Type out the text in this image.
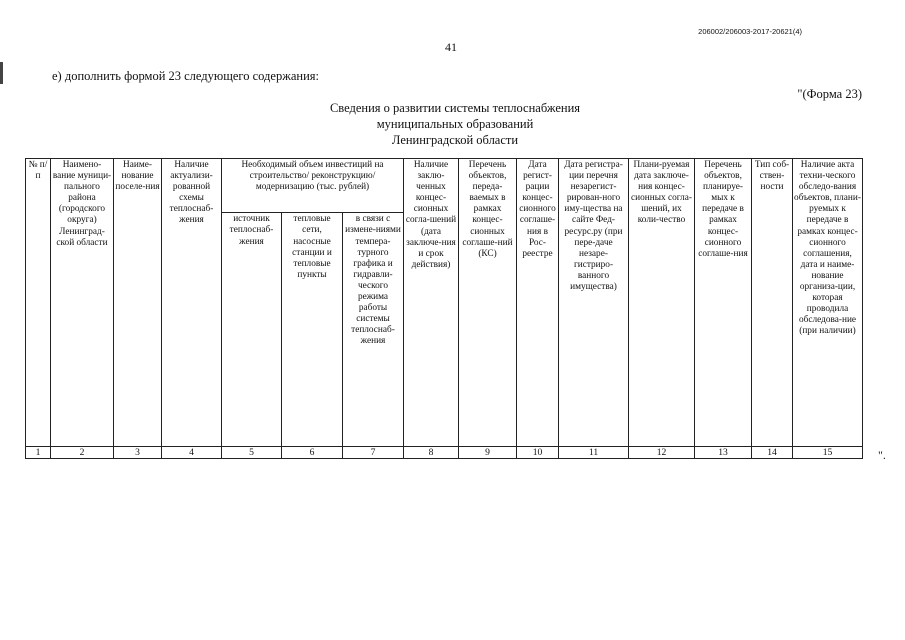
206002/206003-2017-20621(4)
41
е) дополнить формой 23 следующего содержания:
"(Форма 23)
Сведения о развитии системы теплоснабжения
муниципальных образований
Ленинградской области
№ п/п	Наимено-вание муници-пального района (городского округа) Ленинград-ской области	Наиме-нование поселе-ния	Наличие актуализи-рованной схемы теплоснаб-жения	Необходимый объем инвестиций на строительство/ реконструкцию/модернизацию (тыс. рублей)			Наличие заклю-ченных концес-сионных согла-шений (дата заключе-ния и срок действия)	Перечень объектов, переда-ваемых в рамках концес-сионных соглаше-ний (КС)	Дата регист-рации концес-сионного соглаше-ния в Рос-реестре	Дата регистра-ции перечня незарегист-рирован-ного иму-щества на сайте Фед-ресурс.ру (при пере-даче незаре-гистриро-ванного имущества)	Плани-руемая дата заключе-ния концес-сионных согла-шений, их коли-чество	Перечень объектов, планируе-мых к передаче в рамках концес-сионного соглаше-ния	Тип соб-ствен-ности	Наличие акта техни-ческого обследо-вания объектов, плани-руемых к передаче в рамках концес-сионного соглашения, дата и наиме-нование организа-ции, которая проводила обследова-ние (при наличии)
				источник теплоснаб-жения	тепловые сети, насосные станции и тепловые пункты	в связи с измене-ниями темпера-турного графика и гидравли-ческого режима работы системы теплоснаб-жения								
1	2	3	4	5	6	7	8	9	10	11	12	13	14	15	".
